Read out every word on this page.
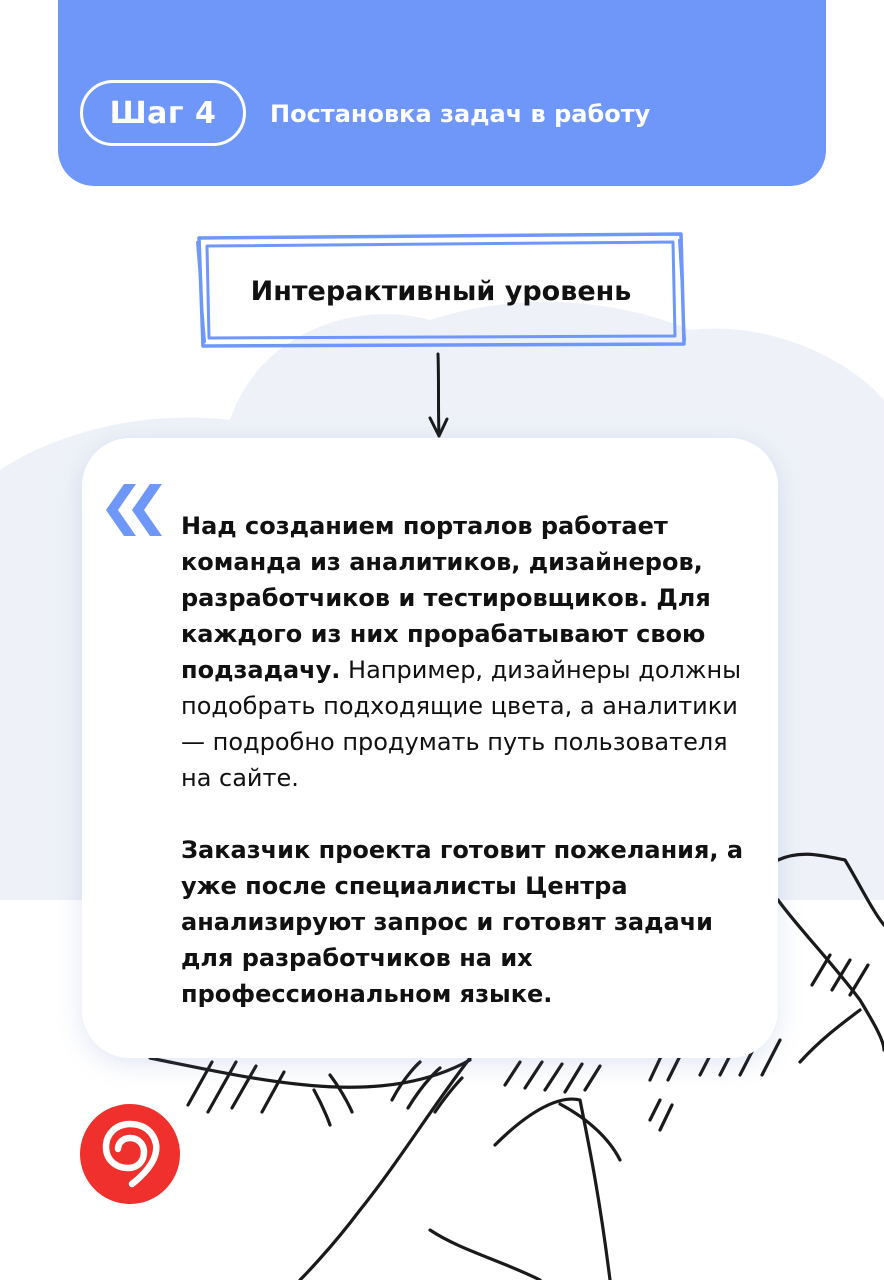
Шаг 4 Постановка задач в работу
Интерактивный уровень

Над созданием порталов работает команда из аналитиков, дизайнеров, разработчиков и тестировщиков. Для каждого из них прорабатывают свою подзадачу. Например, дизайнеры должны подобрать подходящие цвета, а аналитики — подробно продумать путь пользователя на сайте.

Заказчик проекта готовит пожелания, а уже после специалисты Центра анализируют запрос и готовят задачи для разработчиков на их профессиональном языке.
